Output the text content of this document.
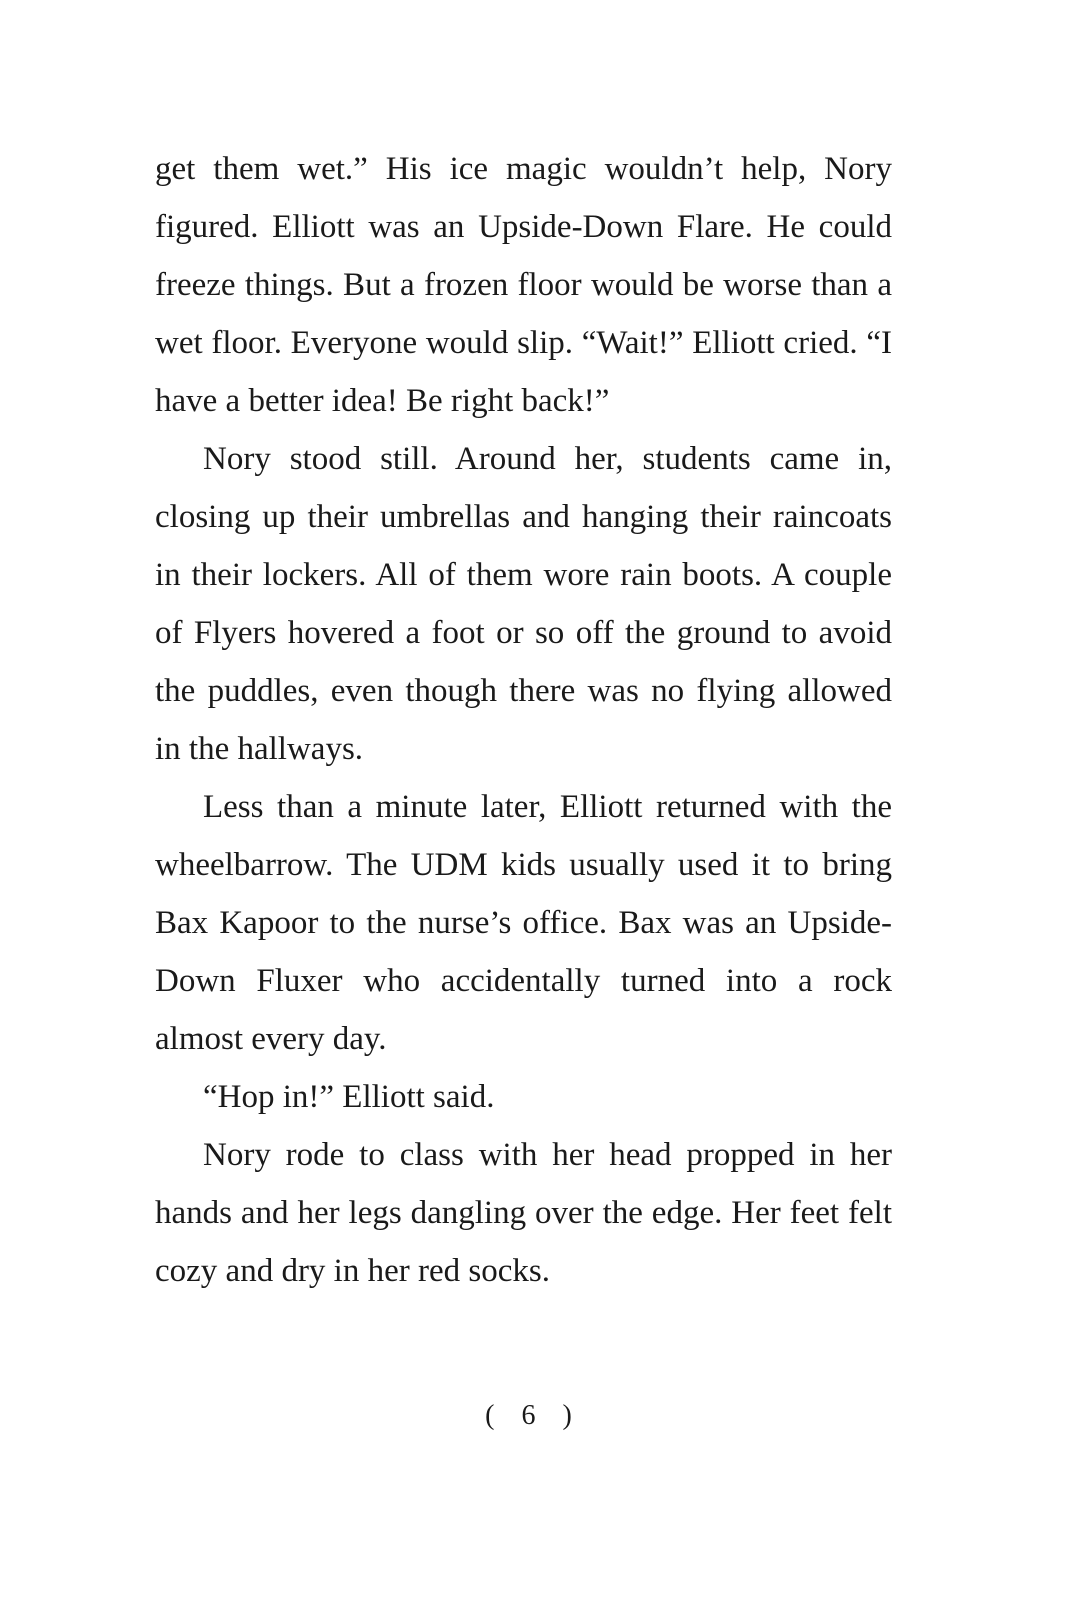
get them wet.” His ice magic wouldn’t help, Nory figured. Elliott was an Upside-Down Flare. He could freeze things. But a frozen floor would be worse than a wet floor. Everyone would slip. “Wait!” Elliott cried. “I have a better idea! Be right back!”

Nory stood still. Around her, students came in, closing up their umbrellas and hanging their raincoats in their lockers. All of them wore rain boots. A couple of Flyers hovered a foot or so off the ground to avoid the puddles, even though there was no flying allowed in the hallways.

Less than a minute later, Elliott returned with the wheelbarrow. The UDM kids usually used it to bring Bax Kapoor to the nurse’s office. Bax was an Upside-Down Fluxer who accidentally turned into a rock almost every day.

“Hop in!” Elliott said.

Nory rode to class with her head propped in her hands and her legs dangling over the edge. Her feet felt cozy and dry in her red socks.

( 6 )
